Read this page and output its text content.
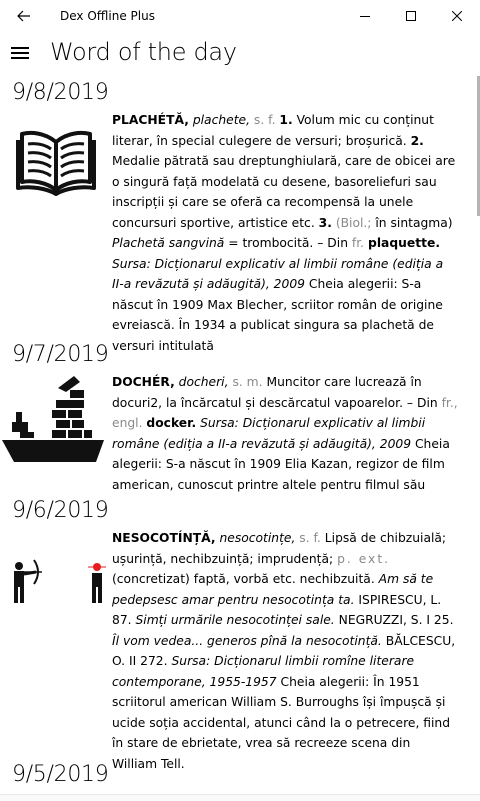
Dex Offline Plus
Word of the day
9/8/2019
PLACHÉTĂ, plachete, s. f. 1. Volum mic cu conținut literar, în special culegere de versuri; broșurică. 2. Medalie pătrată sau dreptunghiulară, care de obicei are o singură față modelată cu desene, basoreliefuri sau inscripții și care se oferă ca recompensă la unele concursuri sportive, artistice etc. 3. (Biol.; în sintagma) Plachetă sangvină = trombocită. – Din fr. plaquette. Sursa: Dicționarul explicativ al limbii române (ediția a II-a revăzută și adăugită), 2009 Cheia alegerii: S-a născut în 1909 Max Blecher, scriitor român de origine evreiască. În 1934 a publicat singura sa plachetă de versuri intitulată
9/7/2019
DOCHÉR, docheri, s. m. Muncitor care lucrează în docuri2, la încărcatul și descărcatul vapoarelor. – Din fr., engl. docker. Sursa: Dicționarul explicativ al limbii române (ediția a II-a revăzută și adăugită), 2009 Cheia alegerii: S-a născut în 1909 Elia Kazan, regizor de film american, cunoscut printre altele pentru filmul său
9/6/2019
NESOCOTÍNȚĂ, nesocotințe, s. f. Lipsă de chibzuială; ușurință, nechibzuință; imprudență; p. ext. (concretizat) faptă, vorbă etc. nechibzuită. Am să te pedepsesc amar pentru nesocotința ta. ISPIRESCU, L. 87. Simți urmările nesocotinței sale. NEGRUZZI, S. I 25. Îl vom vedea... generos pînă la nesocotință. BĂLCESCU, O. II 272. Sursa: Dicționarul limbii romîne literare contemporane, 1955-1957 Cheia alegerii: În 1951 scriitorul american William S. Burroughs își împușcă și ucide soția accidental, atunci când la o petrecere, fiind în stare de ebrietate, vrea să recreeze scena din William Tell.
9/5/2019
